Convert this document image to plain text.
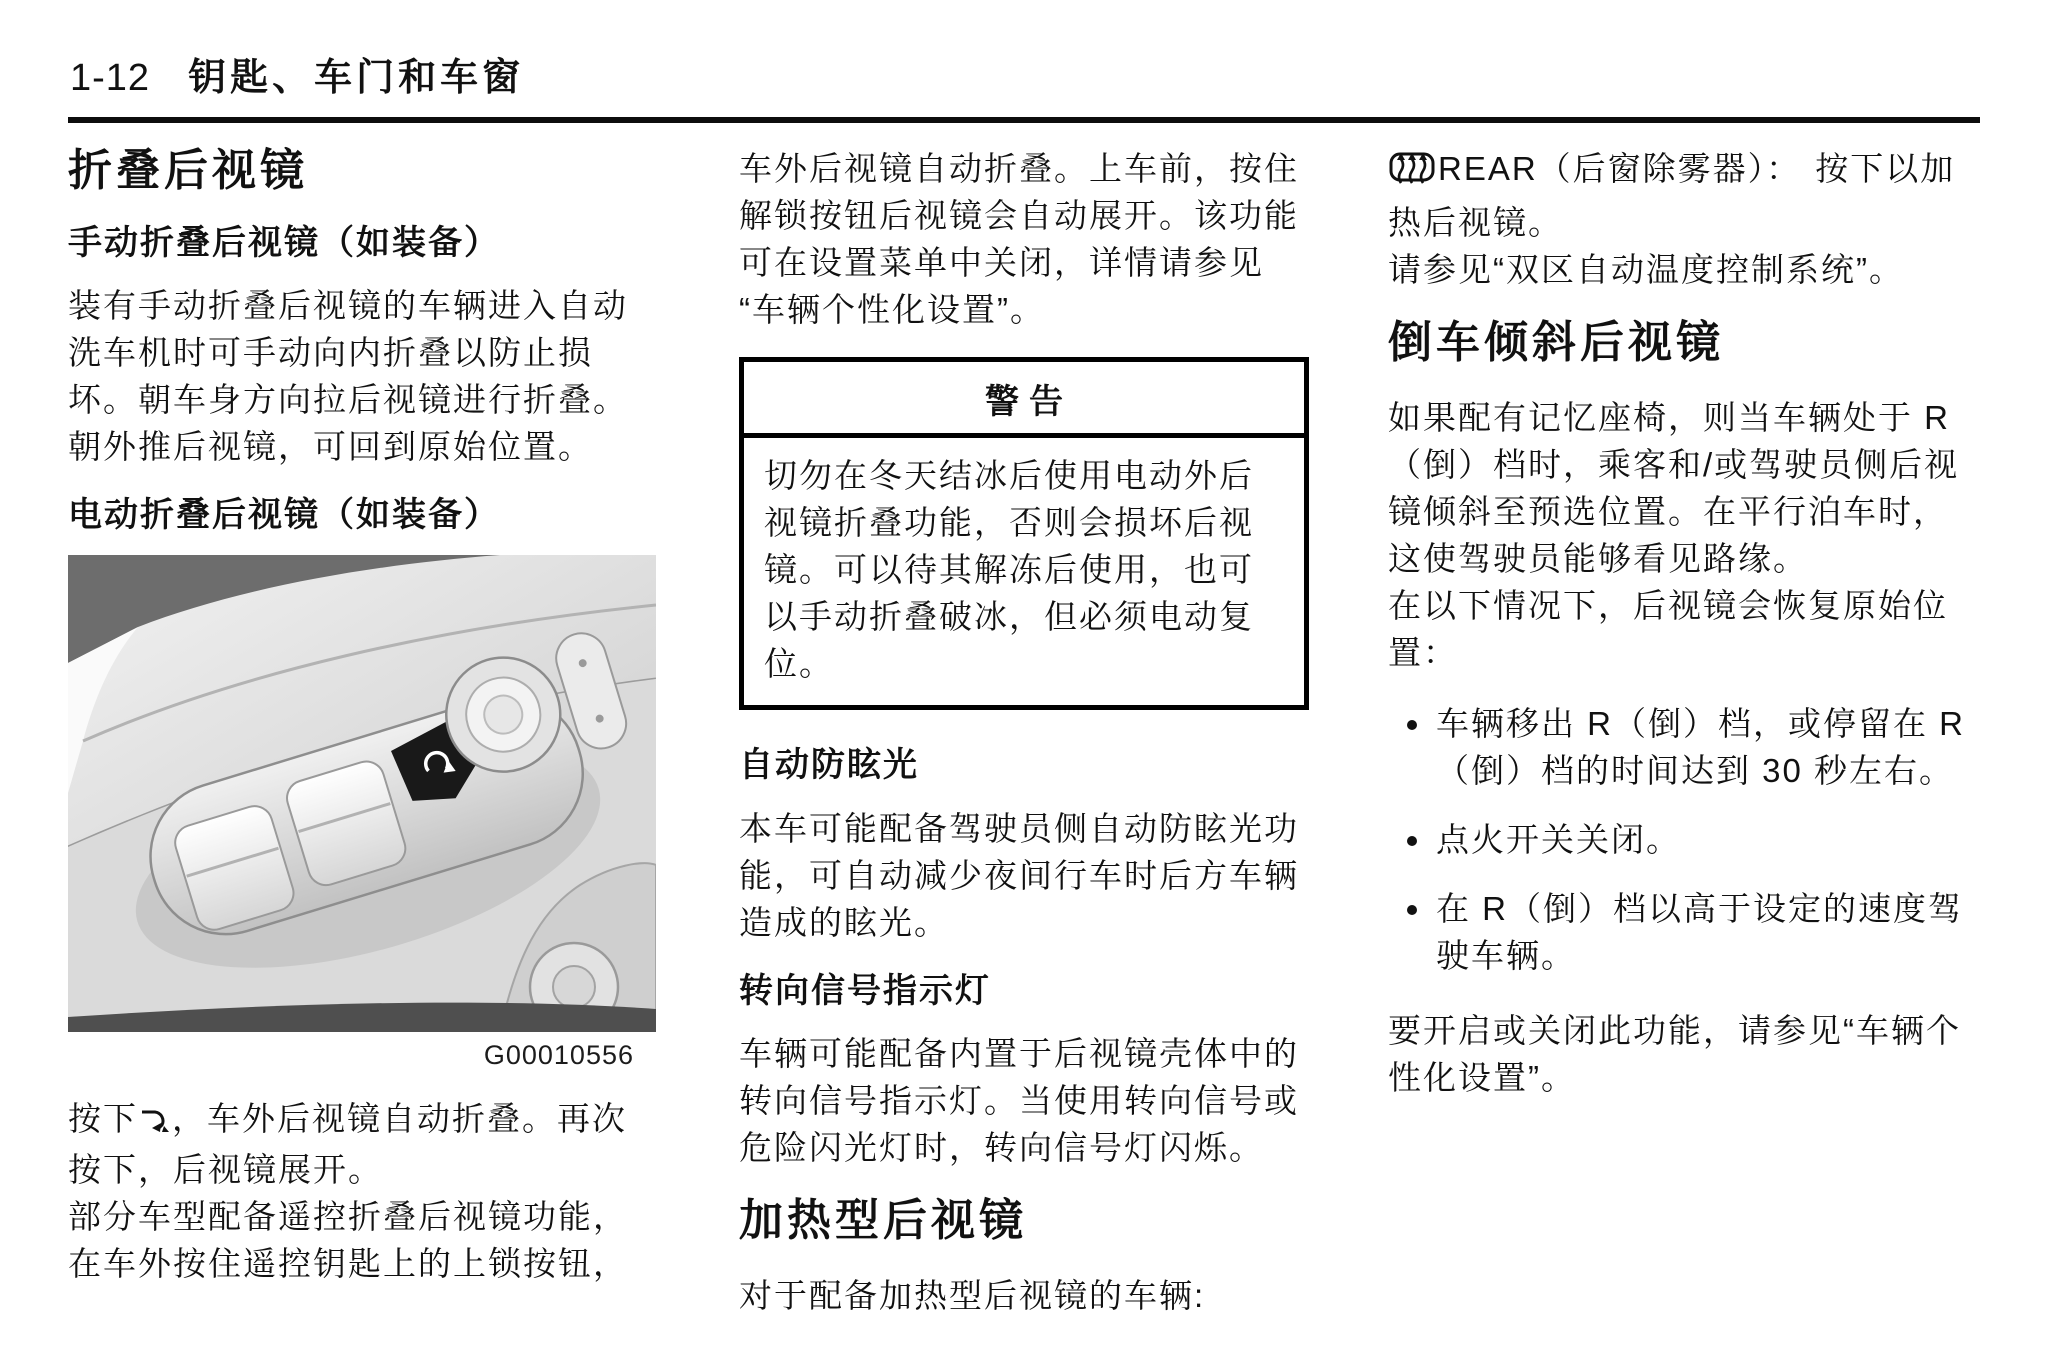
1-12 钥匙、车门和车窗
折叠后视镜
手动折叠后视镜（如装备）

装有手动折叠后视镜的车辆进入自动洗车机时可手动向内折叠以防止损坏。朝车身方向拉后视镜进行折叠。朝外推后视镜，可回到原始位置。

电动折叠后视镜（如装备）
G00010556

按下 ，车外后视镜自动折叠。再次按下，后视镜展开。

部分车型配备遥控折叠后视镜功能，在车外按住遥控钥匙上的上锁按钮，

车外后视镜自动折叠。上车前，按住解锁按钮后视镜会自动展开。该功能可在设置菜单中关闭，详情请参见“车辆个性化设置”。

警告
切勿在冬天结冰后使用电动外后视镜折叠功能，否则会损坏后视镜。可以待其解冻后使用，也可以手动折叠破冰，但必须电动复位。
自动防眩光

本车可能配备驾驶员侧自动防眩光功能，可自动减少夜间行车时后方车辆造成的眩光。

转向信号指示灯

车辆可能配备内置于后视镜壳体中的转向信号指示灯。当使用转向信号或危险闪光灯时，转向信号灯闪烁。

加热型后视镜

对于配备加热型后视镜的车辆:

REAR（后窗除雾器）： 按下以加热后视镜。

请参见“双区自动温度控制系统”。

倒车倾斜后视镜

如果配有记忆座椅，则当车辆处于 R（倒）档时，乘客和/或驾驶员侧后视镜倾斜至预选位置。在平行泊车时，这使驾驶员能够看见路缘。

在以下情况下，后视镜会恢复原始位置：

• 车辆移出 R（倒）档，或停留在 R（倒）档的时间达到 30 秒左右。
• 点火开关关闭。
• 在 R（倒）档以高于设定的速度驾驶车辆。

要开启或关闭此功能，请参见“车辆个性化设置”。
